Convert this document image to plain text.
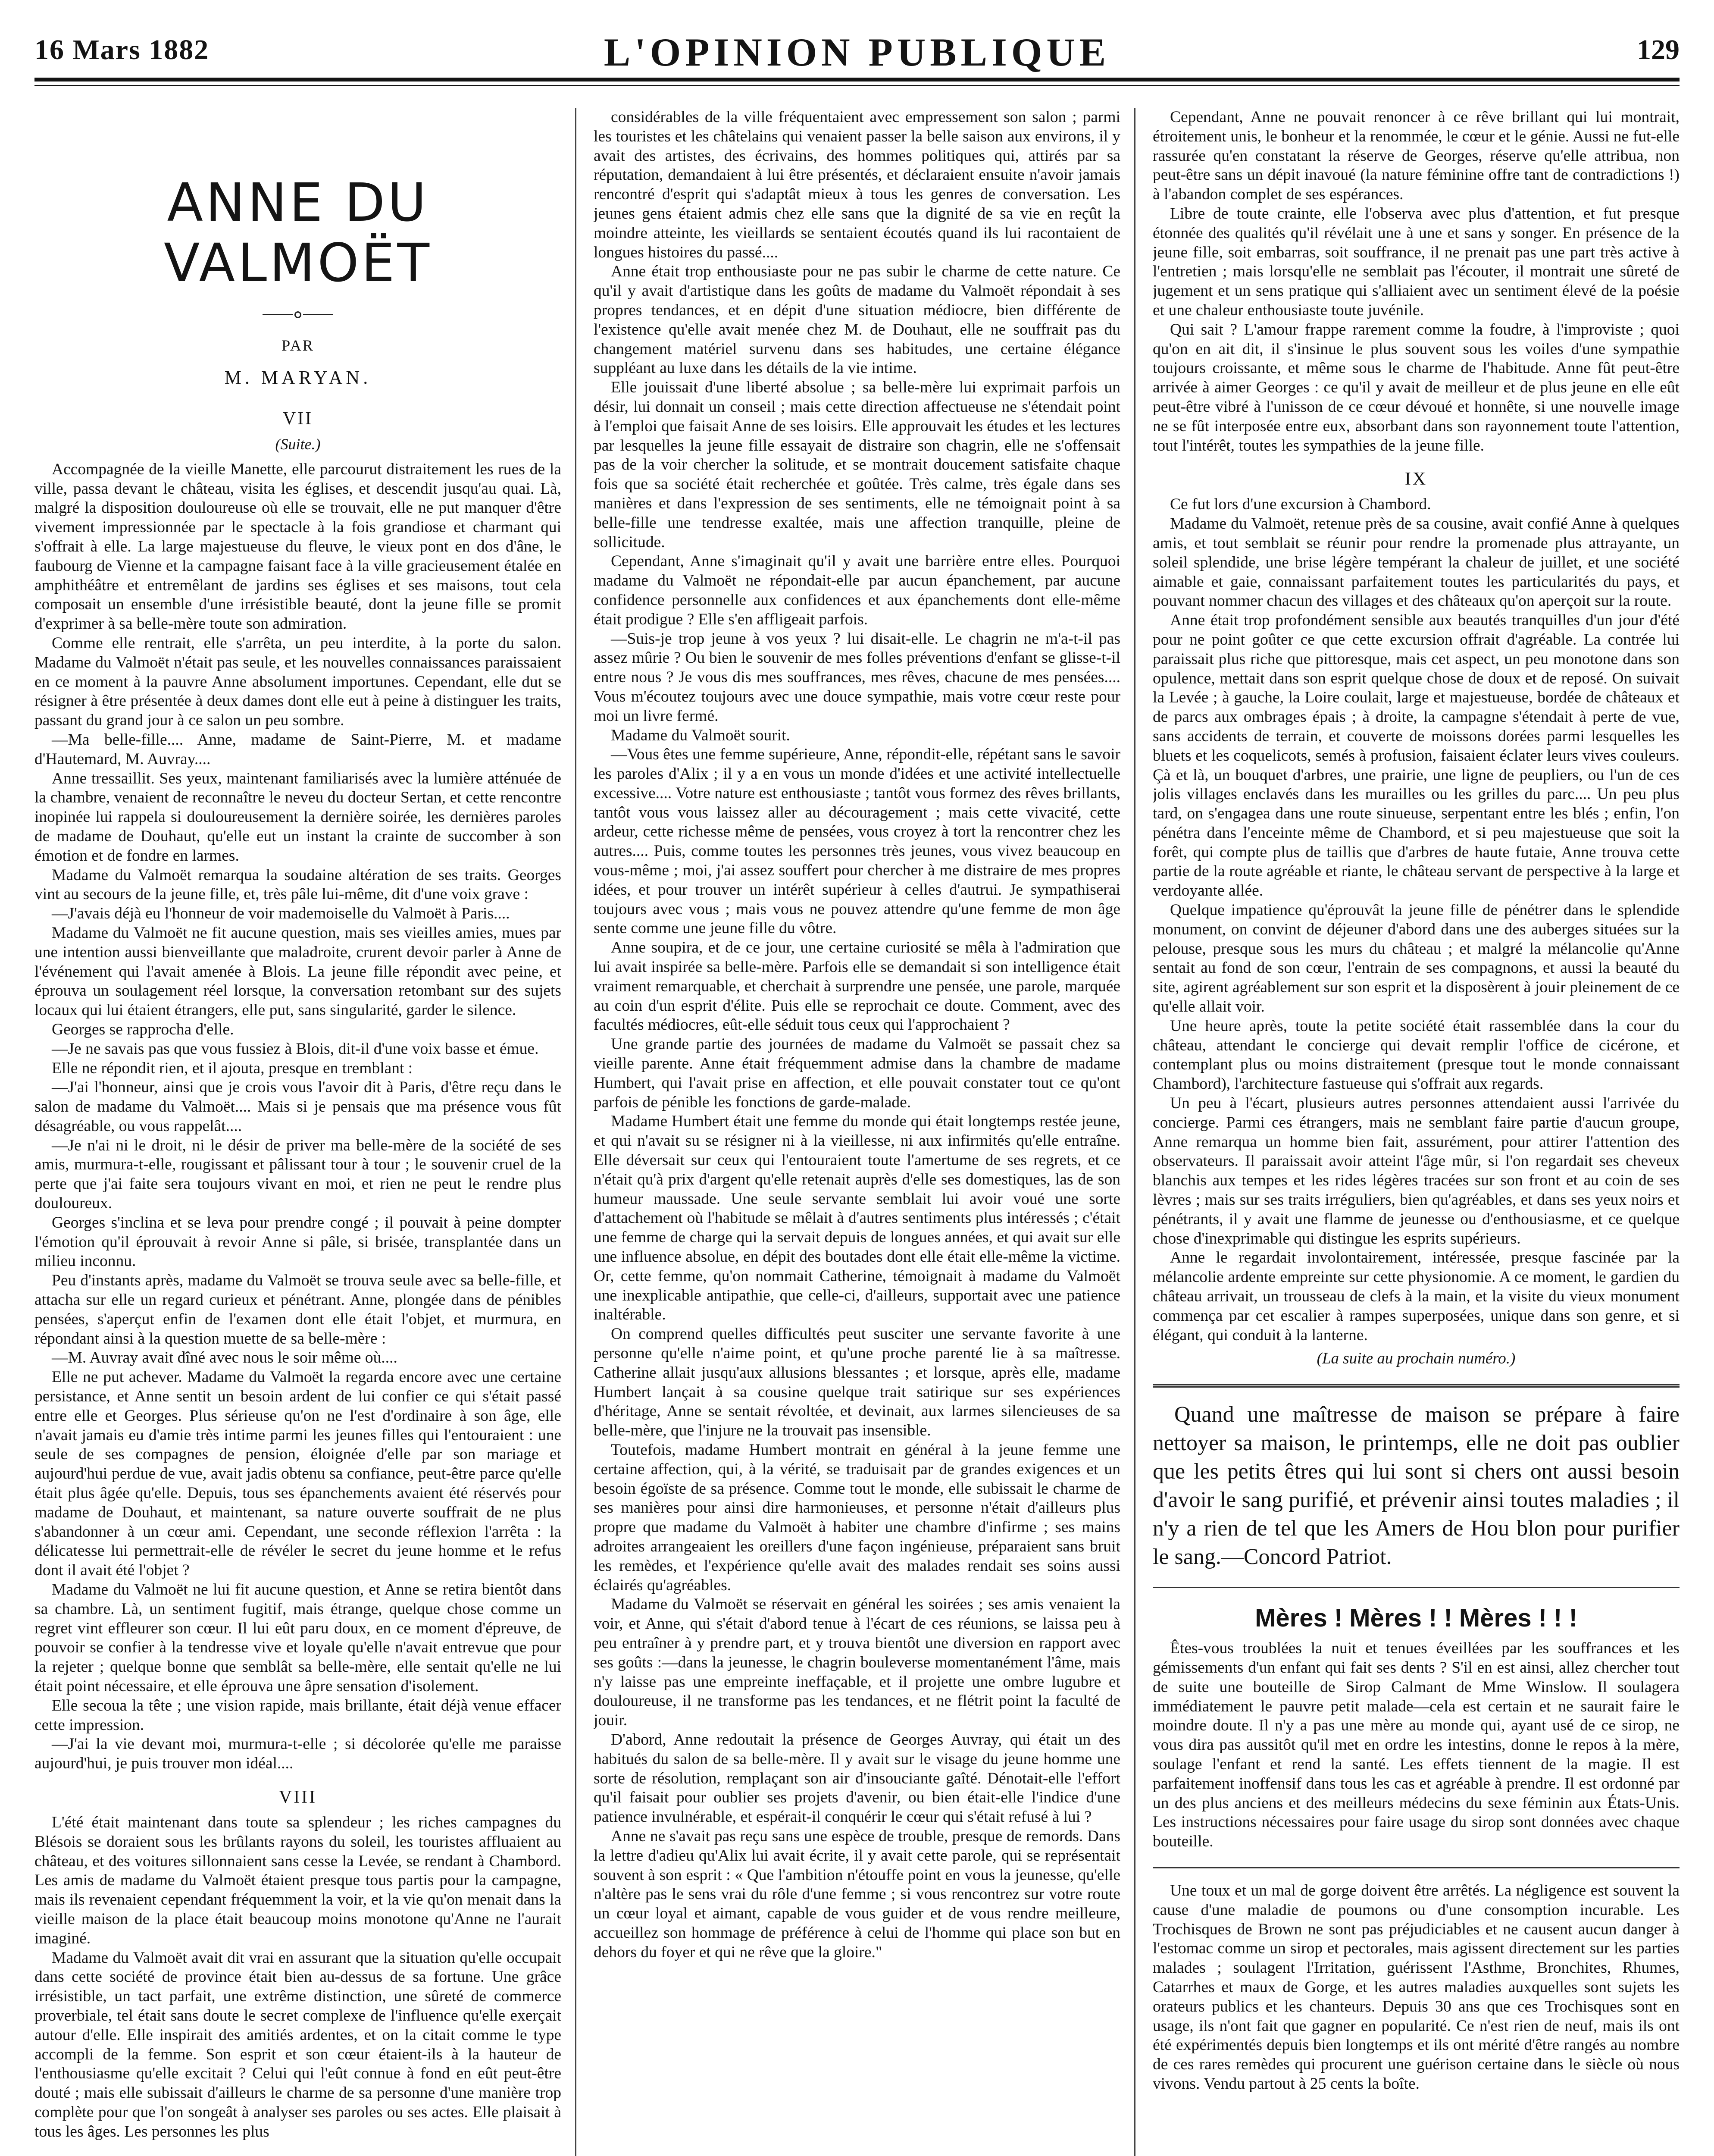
16 Mars 1882	L'OPINION PUBLIQUE	129
ANNE DU VALMOËT
PAR
M. MARYAN.
VII
(Suite.)

Accompagnée de la vieille Manette, elle parcourut distraitement les rues de la ville, passa devant le château, visita les églises, et descendit jusqu'au quai. Là, malgré la disposition douloureuse où elle se trouvait, elle ne put manquer d'être vivement impressionnée par le spectacle à la fois grandiose et charmant qui s'offrait à elle. La large majestueuse du fleuve, le vieux pont en dos d'âne, le faubourg de Vienne et la campagne faisant face à la ville gracieusement étalée en amphithéâtre et entremêlant de jardins ses églises et ses maisons, tout cela composait un ensemble d'une irrésistible beauté, dont la jeune fille se promit d'exprimer à sa belle-mère toute son admiration.

Comme elle rentrait, elle s'arrêta, un peu interdite, à la porte du salon. Madame du Valmoët n'était pas seule, et les nouvelles connaissances paraissaient en ce moment à la pauvre Anne absolument importunes. Cependant, elle dut se résigner à être présentée à deux dames dont elle eut à peine à distinguer les traits, passant du grand jour à ce salon un peu sombre.

—Ma belle-fille.... Anne, madame de Saint-Pierre, M. et madame d'Hautemard, M. Auvray....

Anne tressaillit. Ses yeux, maintenant familiarisés avec la lumière atténuée de la chambre, venaient de reconnaître le neveu du docteur Sertan, et cette rencontre inopinée lui rappela si douloureusement la dernière soirée, les dernières paroles de madame de Douhaut, qu'elle eut un instant la crainte de succomber à son émotion et de fondre en larmes.

Madame du Valmoët remarqua la soudaine altération de ses traits. Georges vint au secours de la jeune fille, et, très pâle lui-même, dit d'une voix grave :

—J'avais déjà eu l'honneur de voir mademoiselle du Valmoët à Paris....

Madame du Valmoët ne fit aucune question, mais ses vieilles amies, mues par une intention aussi bienveillante que maladroite, crurent devoir parler à Anne de l'événement qui l'avait amenée à Blois. La jeune fille répondit avec peine, et éprouva un soulagement réel lorsque, la conversation retombant sur des sujets locaux qui lui étaient étrangers, elle put, sans singularité, garder le silence.

Georges se rapprocha d'elle.

—Je ne savais pas que vous fussiez à Blois, dit-il d'une voix basse et émue.

Elle ne répondit rien, et il ajouta, presque en tremblant :

—J'ai l'honneur, ainsi que je crois vous l'avoir dit à Paris, d'être reçu dans le salon de madame du Valmoët.... Mais si je pensais que ma présence vous fût désagréable, ou vous rappelât....

—Je n'ai ni le droit, ni le désir de priver ma belle-mère de la société de ses amis, murmura-t-elle, rougissant et pâlissant tour à tour ; le souvenir cruel de la perte que j'ai faite sera toujours vivant en moi, et rien ne peut le rendre plus douloureux.

Georges s'inclina et se leva pour prendre congé ; il pouvait à peine dompter l'émotion qu'il éprouvait à revoir Anne si pâle, si brisée, transplantée dans un milieu inconnu.

Peu d'instants après, madame du Valmoët se trouva seule avec sa belle-fille, et attacha sur elle un regard curieux et pénétrant. Anne, plongée dans de pénibles pensées, s'aperçut enfin de l'examen dont elle était l'objet, et murmura, en répondant ainsi à la question muette de sa belle-mère :

—M. Auvray avait dîné avec nous le soir même où....

Elle ne put achever. Madame du Valmoët la regarda encore avec une certaine persistance, et Anne sentit un besoin ardent de lui confier ce qui s'était passé entre elle et Georges. Plus sérieuse qu'on ne l'est d'ordinaire à son âge, elle n'avait jamais eu d'amie très intime parmi les jeunes filles qui l'entouraient : une seule de ses compagnes de pension, éloignée d'elle par son mariage et aujourd'hui perdue de vue, avait jadis obtenu sa confiance, peut-être parce qu'elle était plus âgée qu'elle. Depuis, tous ses épanchements avaient été réservés pour madame de Douhaut, et maintenant, sa nature ouverte souffrait de ne plus s'abandonner à un cœur ami. Cependant, une seconde réflexion l'arrêta : la délicatesse lui permettrait-elle de révéler le secret du jeune homme et le refus dont il avait été l'objet ?

Madame du Valmoët ne lui fit aucune question, et Anne se retira bientôt dans sa chambre. Là, un sentiment fugitif, mais étrange, quelque chose comme un regret vint effleurer son cœur. Il lui eût paru doux, en ce moment d'épreuve, de pouvoir se confier à la tendresse vive et loyale qu'elle n'avait entrevue que pour la rejeter ; quelque bonne que semblât sa belle-mère, elle sentait qu'elle ne lui était point nécessaire, et elle éprouva une âpre sensation d'isolement.

Elle secoua la tête ; une vision rapide, mais brillante, était déjà venue effacer cette impression.

—J'ai la vie devant moi, murmura-t-elle ; si décolorée qu'elle me paraisse aujourd'hui, je puis trouver mon idéal....

VIII

L'été était maintenant dans toute sa splendeur ; les riches campagnes du Blésois se doraient sous les brûlants rayons du soleil, les touristes affluaient au château, et des voitures sillonnaient sans cesse la Levée, se rendant à Chambord. Les amis de madame du Valmoët étaient presque tous partis pour la campagne, mais ils revenaient cependant fréquemment la voir, et la vie qu'on menait dans la vieille maison de la place était beaucoup moins monotone qu'Anne ne l'aurait imaginé.

Madame du Valmoët avait dit vrai en assurant que la situation qu'elle occupait dans cette société de province était bien au-dessus de sa fortune. Une grâce irrésistible, un tact parfait, une extrême distinction, une sûreté de commerce proverbiale, tel était sans doute le secret complexe de l'influence qu'elle exerçait autour d'elle. Elle inspirait des amitiés ardentes, et on la citait comme le type accompli de la femme. Son esprit et son cœur étaient-ils à la hauteur de l'enthousiasme qu'elle excitait ? Celui qui l'eût connue à fond en eût peut-être douté ; mais elle subissait d'ailleurs le charme de sa personne d'une manière trop complète pour que l'on songeât à analyser ses paroles ou ses actes. Elle plaisait à tous les âges. Les personnes les plus

considérables de la ville fréquentaient avec empressement son salon ; parmi les touristes et les châtelains qui venaient passer la belle saison aux environs, il y avait des artistes, des écrivains, des hommes politiques qui, attirés par sa réputation, demandaient à lui être présentés, et déclaraient ensuite n'avoir jamais rencontré d'esprit qui s'adaptât mieux à tous les genres de conversation. Les jeunes gens étaient admis chez elle sans que la dignité de sa vie en reçût la moindre atteinte, les vieillards se sentaient écoutés quand ils lui racontaient de longues histoires du passé....

Anne était trop enthousiaste pour ne pas subir le charme de cette nature. Ce qu'il y avait d'artistique dans les goûts de madame du Valmoët répondait à ses propres tendances, et en dépit d'une situation médiocre, bien différente de l'existence qu'elle avait menée chez M. de Douhaut, elle ne souffrait pas du changement matériel survenu dans ses habitudes, une certaine élégance suppléant au luxe dans les détails de la vie intime.

Elle jouissait d'une liberté absolue ; sa belle-mère lui exprimait parfois un désir, lui donnait un conseil ; mais cette direction affectueuse ne s'étendait point à l'emploi que faisait Anne de ses loisirs. Elle approuvait les études et les lectures par lesquelles la jeune fille essayait de distraire son chagrin, elle ne s'offensait pas de la voir chercher la solitude, et se montrait doucement satisfaite chaque fois que sa société était recherchée et goûtée. Très calme, très égale dans ses manières et dans l'expression de ses sentiments, elle ne témoignait point à sa belle-fille une tendresse exaltée, mais une affection tranquille, pleine de sollicitude.

Cependant, Anne s'imaginait qu'il y avait une barrière entre elles. Pourquoi madame du Valmoët ne répondait-elle par aucun épanchement, par aucune confidence personnelle aux confidences et aux épanchements dont elle-même était prodigue ? Elle s'en affligeait parfois.

—Suis-je trop jeune à vos yeux ? lui disait-elle. Le chagrin ne m'a-t-il pas assez mûrie ? Ou bien le souvenir de mes folles préventions d'enfant se glisse-t-il entre nous ? Je vous dis mes souffrances, mes rêves, chacune de mes pensées.... Vous m'écoutez toujours avec une douce sympathie, mais votre cœur reste pour moi un livre fermé.

Madame du Valmoët sourit.

—Vous êtes une femme supérieure, Anne, répondit-elle, répétant sans le savoir les paroles d'Alix ; il y a en vous un monde d'idées et une activité intellectuelle excessive.... Votre nature est enthousiaste ; tantôt vous formez des rêves brillants, tantôt vous vous laissez aller au découragement ; mais cette vivacité, cette ardeur, cette richesse même de pensées, vous croyez à tort la rencontrer chez les autres.... Puis, comme toutes les personnes très jeunes, vous vivez beaucoup en vous-même ; moi, j'ai assez souffert pour chercher à me distraire de mes propres idées, et pour trouver un intérêt supérieur à celles d'autrui. Je sympathiserai toujours avec vous ; mais vous ne pouvez attendre qu'une femme de mon âge sente comme une jeune fille du vôtre.

Anne soupira, et de ce jour, une certaine curiosité se mêla à l'admiration que lui avait inspirée sa belle-mère. Parfois elle se demandait si son intelligence était vraiment remarquable, et cherchait à surprendre une pensée, une parole, marquée au coin d'un esprit d'élite. Puis elle se reprochait ce doute. Comment, avec des facultés médiocres, eût-elle séduit tous ceux qui l'approchaient ?

Une grande partie des journées de madame du Valmoët se passait chez sa vieille parente. Anne était fréquemment admise dans la chambre de madame Humbert, qui l'avait prise en affection, et elle pouvait constater tout ce qu'ont parfois de pénible les fonctions de garde-malade.

Madame Humbert était une femme du monde qui était longtemps restée jeune, et qui n'avait su se résigner ni à la vieillesse, ni aux infirmités qu'elle entraîne. Elle déversait sur ceux qui l'entouraient toute l'amertume de ses regrets, et ce n'était qu'à prix d'argent qu'elle retenait auprès d'elle ses domestiques, las de son humeur maussade. Une seule servante semblait lui avoir voué une sorte d'attachement où l'habitude se mêlait à d'autres sentiments plus intéressés ; c'était une femme de charge qui la servait depuis de longues années, et qui avait sur elle une influence absolue, en dépit des boutades dont elle était elle-même la victime. Or, cette femme, qu'on nommait Catherine, témoignait à madame du Valmoët une inexplicable antipathie, que celle-ci, d'ailleurs, supportait avec une patience inaltérable.

On comprend quelles difficultés peut susciter une servante favorite à une personne qu'elle n'aime point, et qu'une proche parenté lie à sa maîtresse. Catherine allait jusqu'aux allusions blessantes ; et lorsque, après elle, madame Humbert lançait à sa cousine quelque trait satirique sur ses expériences d'héritage, Anne se sentait révoltée, et devinait, aux larmes silencieuses de sa belle-mère, que l'injure ne la trouvait pas insensible.

Toutefois, madame Humbert montrait en général à la jeune femme une certaine affection, qui, à la vérité, se traduisait par de grandes exigences et un besoin égoïste de sa présence. Comme tout le monde, elle subissait le charme de ses manières pour ainsi dire harmonieuses, et personne n'était d'ailleurs plus propre que madame du Valmoët à habiter une chambre d'infirme ; ses mains adroites arrangeaient les oreillers d'une façon ingénieuse, préparaient sans bruit les remèdes, et l'expérience qu'elle avait des malades rendait ses soins aussi éclairés qu'agréables.

Madame du Valmoët se réservait en général les soirées ; ses amis venaient la voir, et Anne, qui s'était d'abord tenue à l'écart de ces réunions, se laissa peu à peu entraîner à y prendre part, et y trouva bientôt une diversion en rapport avec ses goûts :—dans la jeunesse, le chagrin bouleverse momentanément l'âme, mais n'y laisse pas une empreinte ineffaçable, et il projette une ombre lugubre et douloureuse, il ne transforme pas les tendances, et ne flétrit point la faculté de jouir.

D'abord, Anne redoutait la présence de Georges Auvray, qui était un des habitués du salon de sa belle-mère. Il y avait sur le visage du jeune homme une sorte de résolution, remplaçant son air d'insouciante gaîté. Dénotait-elle l'effort qu'il faisait pour oublier ses projets d'avenir, ou bien était-elle l'indice d'une patience invulnérable, et espérait-il conquérir le cœur qui s'était refusé à lui ?

Anne ne s'avait pas reçu sans une espèce de trouble, presque de remords. Dans la lettre d'adieu qu'Alix lui avait écrite, il y avait cette parole, qui se représentait souvent à son esprit : « Que l'ambition n'étouffe point en vous la jeunesse, qu'elle n'altère pas le sens vrai du rôle d'une femme ; si vous rencontrez sur votre route un cœur loyal et aimant, capable de vous guider et de vous rendre meilleure, accueillez son hommage de préférence à celui de l'homme qui place son but en dehors du foyer et qui ne rêve que la gloire."

Cependant, Anne ne pouvait renoncer à ce rêve brillant qui lui montrait, étroitement unis, le bonheur et la renommée, le cœur et le génie. Aussi ne fut-elle rassurée qu'en constatant la réserve de Georges, réserve qu'elle attribua, non peut-être sans un dépit inavoué (la nature féminine offre tant de contradictions !) à l'abandon complet de ses espérances.

Libre de toute crainte, elle l'observa avec plus d'attention, et fut presque étonnée des qualités qu'il révélait une à une et sans y songer. En présence de la jeune fille, soit embarras, soit souffrance, il ne prenait pas une part très active à l'entretien ; mais lorsqu'elle ne semblait pas l'écouter, il montrait une sûreté de jugement et un sens pratique qui s'alliaient avec un sentiment élevé de la poésie et une chaleur enthousiaste toute juvénile.

Qui sait ? L'amour frappe rarement comme la foudre, à l'improviste ; quoi qu'on en ait dit, il s'insinue le plus souvent sous les voiles d'une sympathie toujours croissante, et même sous le charme de l'habitude. Anne fût peut-être arrivée à aimer Georges : ce qu'il y avait de meilleur et de plus jeune en elle eût peut-être vibré à l'unisson de ce cœur dévoué et honnête, si une nouvelle image ne se fût interposée entre eux, absorbant dans son rayonnement toute l'attention, tout l'intérêt, toutes les sympathies de la jeune fille.

IX

Ce fut lors d'une excursion à Chambord.

Madame du Valmoët, retenue près de sa cousine, avait confié Anne à quelques amis, et tout semblait se réunir pour rendre la promenade plus attrayante, un soleil splendide, une brise légère tempérant la chaleur de juillet, et une société aimable et gaie, connaissant parfaitement toutes les particularités du pays, et pouvant nommer chacun des villages et des châteaux qu'on aperçoit sur la route.

Anne était trop profondément sensible aux beautés tranquilles d'un jour d'été pour ne point goûter ce que cette excursion offrait d'agréable. La contrée lui paraissait plus riche que pittoresque, mais cet aspect, un peu monotone dans son opulence, mettait dans son esprit quelque chose de doux et de reposé. On suivait la Levée ; à gauche, la Loire coulait, large et majestueuse, bordée de châteaux et de parcs aux ombrages épais ; à droite, la campagne s'étendait à perte de vue, sans accidents de terrain, et couverte de moissons dorées parmi lesquelles les bluets et les coquelicots, semés à profusion, faisaient éclater leurs vives couleurs. Çà et là, un bouquet d'arbres, une prairie, une ligne de peupliers, ou l'un de ces jolis villages enclavés dans les murailles ou les grilles du parc.... Un peu plus tard, on s'engagea dans une route sinueuse, serpentant entre les blés ; enfin, l'on pénétra dans l'enceinte même de Chambord, et si peu majestueuse que soit la forêt, qui compte plus de taillis que d'arbres de haute futaie, Anne trouva cette partie de la route agréable et riante, le château servant de perspective à la large et verdoyante allée.

Quelque impatience qu'éprouvât la jeune fille de pénétrer dans le splendide monument, on convint de déjeuner d'abord dans une des auberges situées sur la pelouse, presque sous les murs du château ; et malgré la mélancolie qu'Anne sentait au fond de son cœur, l'entrain de ses compagnons, et aussi la beauté du site, agirent agréablement sur son esprit et la disposèrent à jouir pleinement de ce qu'elle allait voir.

Une heure après, toute la petite société était rassemblée dans la cour du château, attendant le concierge qui devait remplir l'office de cicérone, et contemplant plus ou moins distraitement (presque tout le monde connaissant Chambord), l'architecture fastueuse qui s'offrait aux regards.

Un peu à l'écart, plusieurs autres personnes attendaient aussi l'arrivée du concierge. Parmi ces étrangers, mais ne semblant faire partie d'aucun groupe, Anne remarqua un homme bien fait, assurément, pour attirer l'attention des observateurs. Il paraissait avoir atteint l'âge mûr, si l'on regardait ses cheveux blanchis aux tempes et les rides légères tracées sur son front et au coin de ses lèvres ; mais sur ses traits irréguliers, bien qu'agréables, et dans ses yeux noirs et pénétrants, il y avait une flamme de jeunesse ou d'enthousiasme, et ce quelque chose d'inexprimable qui distingue les esprits supérieurs.

Anne le regardait involontairement, intéressée, presque fascinée par la mélancolie ardente empreinte sur cette physionomie. A ce moment, le gardien du château arrivait, un trousseau de clefs à la main, et la visite du vieux monument commença par cet escalier à rampes superposées, unique dans son genre, et si élégant, qui conduit à la lanterne.

(La suite au prochain numéro.)

Quand une maîtresse de maison se prépare à faire nettoyer sa maison, le printemps, elle ne doit pas oublier que les petits êtres qui lui sont si chers ont aussi besoin d'avoir le sang purifié, et prévenir ainsi toutes maladies ; il n'y a rien de tel que les Amers de Hou blon pour purifier le sang.—Concord Patriot.

Mères ! Mères ! ! Mères ! ! !

Êtes-vous troublées la nuit et tenues éveillées par les souffrances et les gémissements d'un enfant qui fait ses dents ? S'il en est ainsi, allez chercher tout de suite une bouteille de Sirop Calmant de Mme Winslow. Il soulagera immédiatement le pauvre petit malade—cela est certain et ne saurait faire le moindre doute. Il n'y a pas une mère au monde qui, ayant usé de ce sirop, ne vous dira pas aussitôt qu'il met en ordre les intestins, donne le repos à la mère, soulage l'enfant et rend la santé. Les effets tiennent de la magie. Il est parfaitement inoffensif dans tous les cas et agréable à prendre. Il est ordonné par un des plus anciens et des meilleurs médecins du sexe féminin aux États-Unis. Les instructions nécessaires pour faire usage du sirop sont données avec chaque bouteille.

Une toux et un mal de gorge doivent être arrêtés. La négligence est souvent la cause d'une maladie de poumons ou d'une consomption incurable. Les Trochisques de Brown ne sont pas préjudiciables et ne causent aucun danger à l'estomac comme un sirop et pectorales, mais agissent directement sur les parties malades ; soulagent l'Irritation, guérissent l'Asthme, Bronchites, Rhumes, Catarrhes et maux de Gorge, et les autres maladies auxquelles sont sujets les orateurs publics et les chanteurs. Depuis 30 ans que ces Trochisques sont en usage, ils n'ont fait que gagner en popularité. Ce n'est rien de neuf, mais ils ont été expérimentés depuis bien longtemps et ils ont mérité d'être rangés au nombre de ces rares remèdes qui procurent une guérison certaine dans le siècle où nous vivons. Vendu partout à 25 cents la boîte.
